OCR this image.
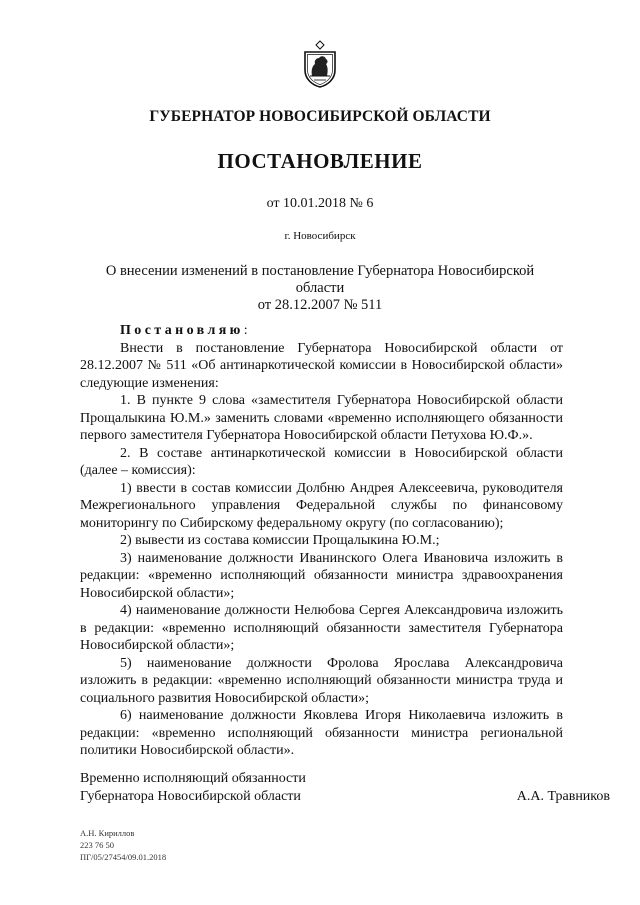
ГУБЕРНАТОР НОВОСИБИРСКОЙ ОБЛАСТИ
ПОСТАНОВЛЕНИЕ
от 10.01.2018 № 6
г. Новосибирск
О внесении изменений в постановление Губернатора Новосибирской области
от 28.12.2007 № 511

Постановляю:

Внести в постановление Губернатора Новосибирской области от 28.12.2007 № 511 «Об антинаркотической комиссии в Новосибирской области» следующие изменения:

1. В пункте 9 слова «заместителя Губернатора Новосибирской области Прощалыкина Ю.М.» заменить словами «временно исполняющего обязанности первого заместителя Губернатора Новосибирской области Петухова Ю.Ф.».

2. В составе антинаркотической комиссии в Новосибирской области (далее – комиссия):

1) ввести в состав комиссии Долбню Андрея Алексеевича, руководителя Межрегионального управления Федеральной службы по финансовому мониторингу по Сибирскому федеральному округу (по согласованию);

2) вывести из состава комиссии Прощалыкина Ю.М.;

3) наименование должности Иванинского Олега Ивановича изложить в редакции: «временно исполняющий обязанности министра здравоохранения Новосибирской области»;

4) наименование должности Нелюбова Сергея Александровича изложить в редакции: «временно исполняющий обязанности заместителя Губернатора Новосибирской области»;

5) наименование должности Фролова Ярослава Александровича изложить в редакции: «временно исполняющий обязанности министра труда и социального развития Новосибирской области»;

6) наименование должности Яковлева Игоря Николаевича изложить в редакции: «временно исполняющий обязанности министра региональной политики Новосибирской области».

Временно исполняющий обязанности
Губернатора Новосибирской области	А.А. Травников
А.Н. Кириллов
223 76 50
ПГ/05/27454/09.01.2018
